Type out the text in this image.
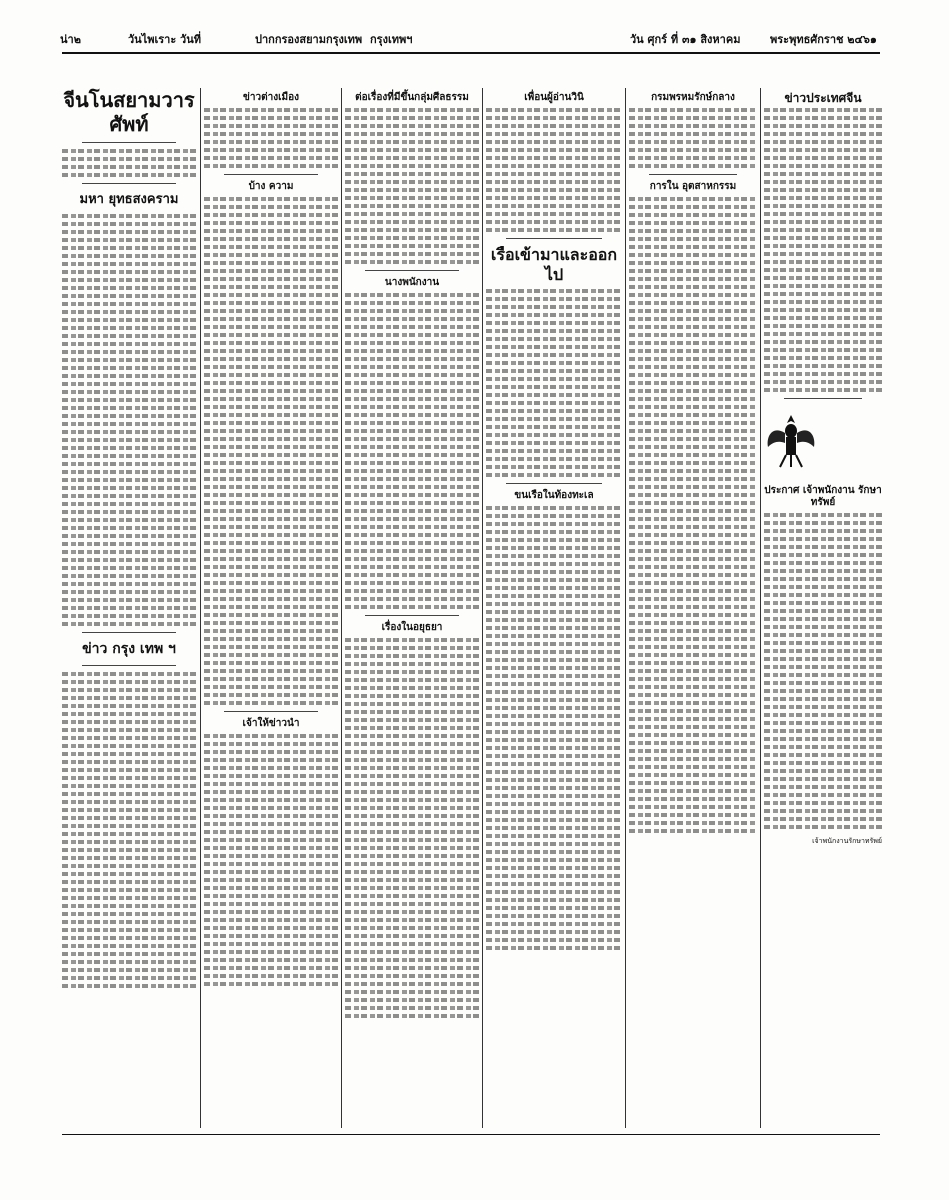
น่า๒	วันไพเราะ วันที่	ปากกรองสยามกรุงเทพ กรุงเทพฯ	วัน ศุกร์ ที่ ๓๑ สิงหาคม	พระพุทธศักราช ๒๔๖๑
จีนโนสยามวารศัพท์
มหา ยุทธสงคราม
ข่าว กรุง เทพ ฯ
ข่าวต่างเมือง
บ้าง ความ
เจ้าให้ข่าวนำ
ต่อเรื่องที่มีขึ้นกลุ่มศีลธรรม
นางพนักงาน
เรื่องในอยุธยา
เพื่อนผู้อ่านวินิ
เรือเข้ามาและออกไป
ขนเรือในท้องทะเล
กรมพรหมรักษ์กลาง
การใน อุตสาหกรรม
ข่าวประเทศจีน
ประกาศ เจ้าพนักงาน รักษา ทรัพย์
เจ้าพนักงานรักษาทรัพย์
